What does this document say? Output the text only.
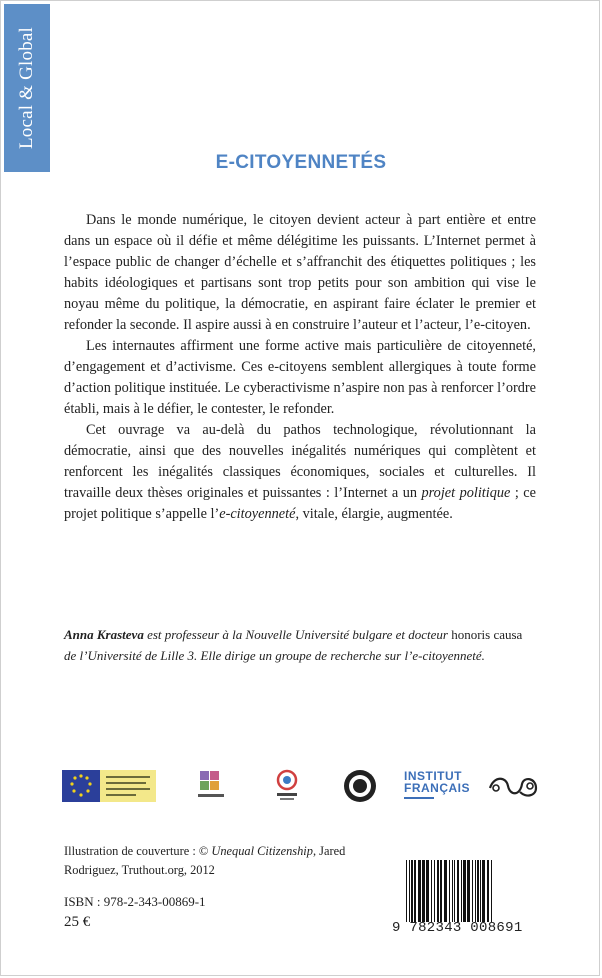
Local & Global
E-CITOYENNETÉS

Dans le monde numérique, le citoyen devient acteur à part entière et entre dans un espace où il défie et même délégitime les puissants. L’Internet permet à l’espace public de changer d’échelle et s’affranchit des étiquettes politiques ; les habits idéologiques et partisans sont trop petits pour son ambition qui vise le noyau même du politique, la démocratie, en aspirant faire éclater le premier et refonder la seconde. Il aspire aussi à en construire l’auteur et l’acteur, l’e-citoyen.

Les internautes affirment une forme active mais particulière de citoyenneté, d’engagement et d’activisme. Ces e-citoyens semblent allergiques à toute forme d’action politique instituée. Le cyberactivisme n’aspire non pas à renforcer l’ordre établi, mais à le défier, le contester, le refonder.

Cet ouvrage va au-delà du pathos technologique, révolutionnant la démocratie, ainsi que des nouvelles inégalités numériques qui complètent et renforcent les inégalités classiques économiques, sociales et culturelles. Il travaille deux thèses originales et puissantes : l’Internet a un projet politique ; ce projet politique s’appelle l’e-citoyenneté, vitale, élargie, augmentée.

Anna Krasteva est professeur à la Nouvelle Université bulgare et docteur honoris causa de l’Université de Lille 3. Elle dirige un groupe de recherche sur l’e-citoyenneté.
INSTITUT
FRANÇAIS
Illustration de couverture : © Unequal Citizenship, Jared Rodriguez, Truthout.org, 2012
ISBN : 978-2-343-00869-1
25 €	9 782343 008691
